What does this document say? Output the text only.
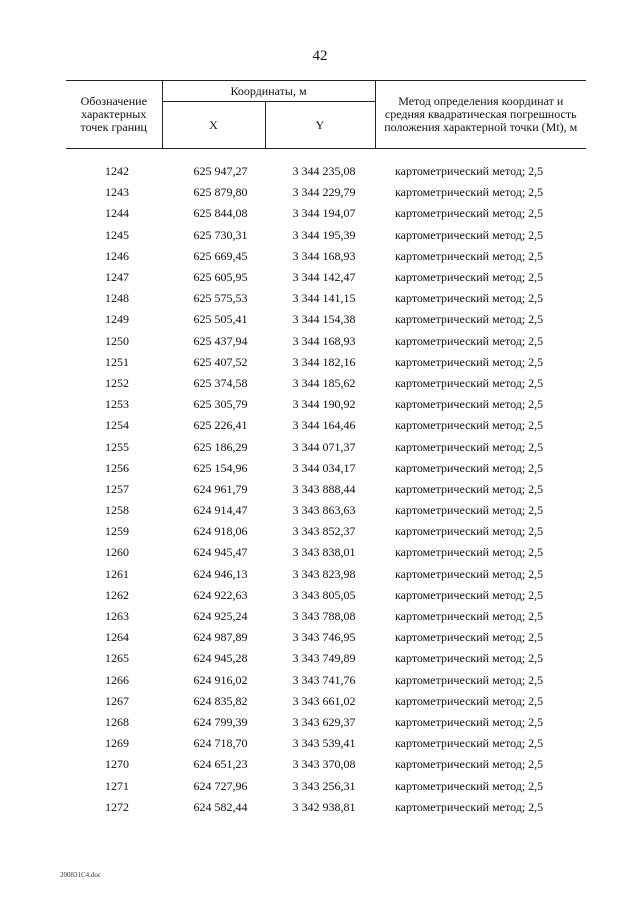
42
Обозначение характерных точек границ	Координаты, м		Метод определения координат и средняя квадратическая погрешность положения характерной точки (Mt), м
	X	Y	

1242	625 947,27	3 344 235,08	картометрический метод; 2,5
1243	625 879,80	3 344 229,79	картометрический метод; 2,5
1244	625 844,08	3 344 194,07	картометрический метод; 2,5
1245	625 730,31	3 344 195,39	картометрический метод; 2,5
1246	625 669,45	3 344 168,93	картометрический метод; 2,5
1247	625 605,95	3 344 142,47	картометрический метод; 2,5
1248	625 575,53	3 344 141,15	картометрический метод; 2,5
1249	625 505,41	3 344 154,38	картометрический метод; 2,5
1250	625 437,94	3 344 168,93	картометрический метод; 2,5
1251	625 407,52	3 344 182,16	картометрический метод; 2,5
1252	625 374,58	3 344 185,62	картометрический метод; 2,5
1253	625 305,79	3 344 190,92	картометрический метод; 2,5
1254	625 226,41	3 344 164,46	картометрический метод; 2,5
1255	625 186,29	3 344 071,37	картометрический метод; 2,5
1256	625 154,96	3 344 034,17	картометрический метод; 2,5
1257	624 961,79	3 343 888,44	картометрический метод; 2,5
1258	624 914,47	3 343 863,63	картометрический метод; 2,5
1259	624 918,06	3 343 852,37	картометрический метод; 2,5
1260	624 945,47	3 343 838,01	картометрический метод; 2,5
1261	624 946,13	3 343 823,98	картометрический метод; 2,5
1262	624 922,63	3 343 805,05	картометрический метод; 2,5
1263	624 925,24	3 343 788,08	картометрический метод; 2,5
1264	624 987,89	3 343 746,95	картометрический метод; 2,5
1265	624 945,28	3 343 749,89	картометрический метод; 2,5
1266	624 916,02	3 343 741,76	картометрический метод; 2,5
1267	624 835,82	3 343 661,02	картометрический метод; 2,5
1268	624 799,39	3 343 629,37	картометрический метод; 2,5
1269	624 718,70	3 343 539,41	картометрический метод; 2,5
1270	624 651,23	3 343 370,08	картометрический метод; 2,5
1271	624 727,96	3 343 256,31	картометрический метод; 2,5
1272	624 582,44	3 342 938,81	картометрический метод; 2,5
200831С4.doc
